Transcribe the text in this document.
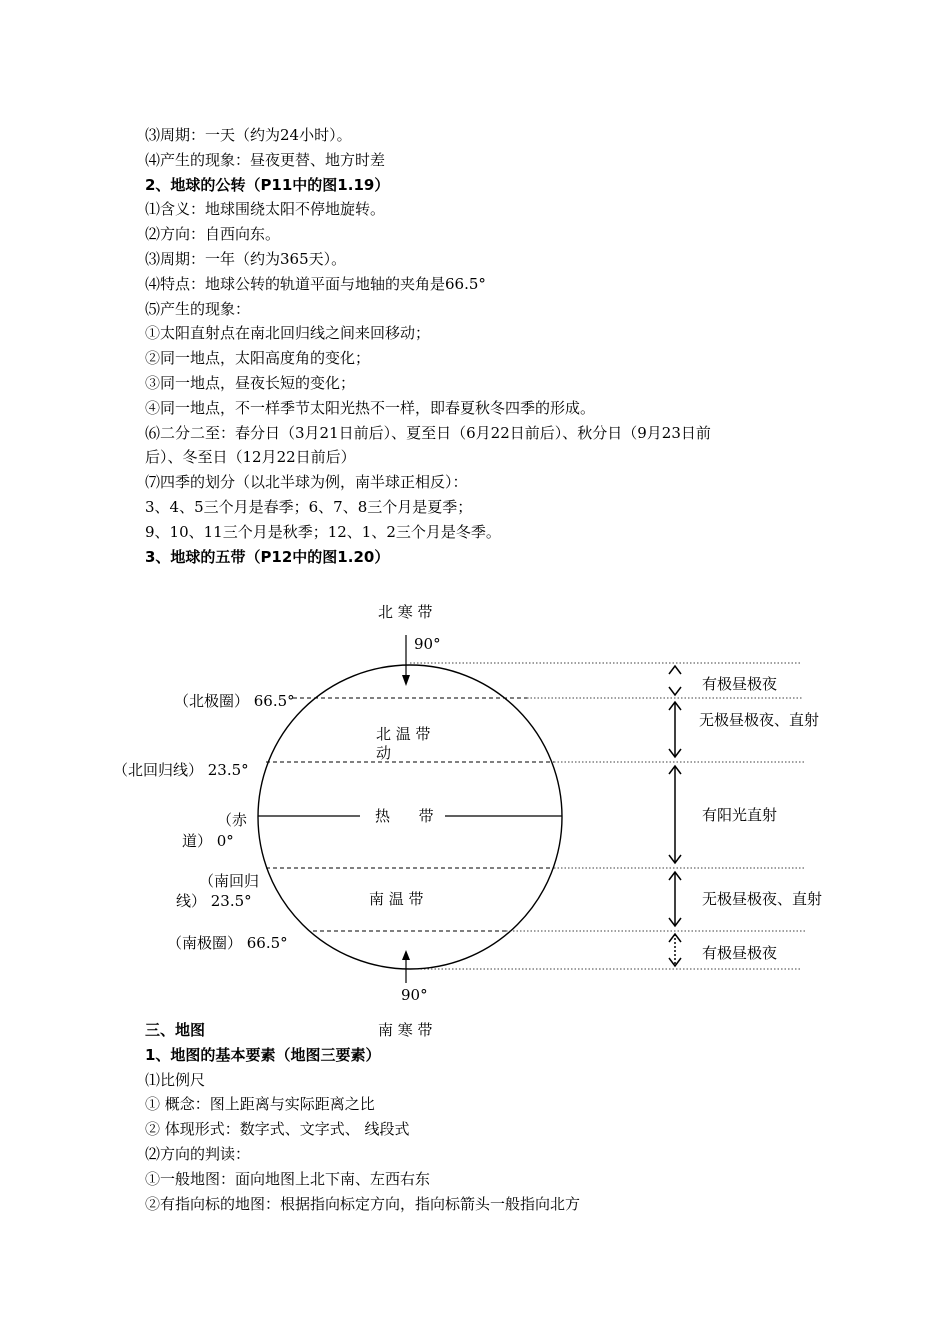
⑶周期：一天（约为24小时）。

⑷产生的现象：昼夜更替、地方时差

2、地球的公转（P11中的图1.19）

⑴含义：地球围绕太阳不停地旋转。

⑵方向：自西向东。

⑶周期：一年（约为365天）。

⑷特点：地球公转的轨道平面与地轴的夹角是66.5°

⑸产生的现象：

①太阳直射点在南北回归线之间来回移动；

②同一地点，太阳高度角的变化；

③同一地点，昼夜长短的变化；

④同一地点，不一样季节太阳光热不一样，即春夏秋冬四季的形成。

⑹二分二至：春分日（3月21日前后）、夏至日（6月22日前后）、秋分日（9月23日前

后）、冬至日（12月22日前后）

⑺四季的划分（以北半球为例，南半球正相反）：

3、4、5三个月是春季；6、7、8三个月是夏季；

9、10、11三个月是秋季；12、1、2三个月是冬季。

3、地球的五带（P12中的图1.20）

北 寒 带
90°
（北极圈） 66.5°
（北回归线） 23.5°
（赤
道） 0°
（南回归
线） 23.5°
（南极圈） 66.5°
北 温 带
动
热      带
南 温 带
90°
南 寒 带
有极昼极夜
无极昼极夜、直射
有阳光直射
无极昼极夜、直射
有极昼极夜

三、地图

1、地图的基本要素（地图三要素）

⑴比例尺

① 概念：图上距离与实际距离之比

② 体现形式：数字式、文字式、 线段式

⑵方向的判读：

①一般地图：面向地图上北下南、左西右东

②有指向标的地图：根据指向标定方向，指向标箭头一般指向北方
